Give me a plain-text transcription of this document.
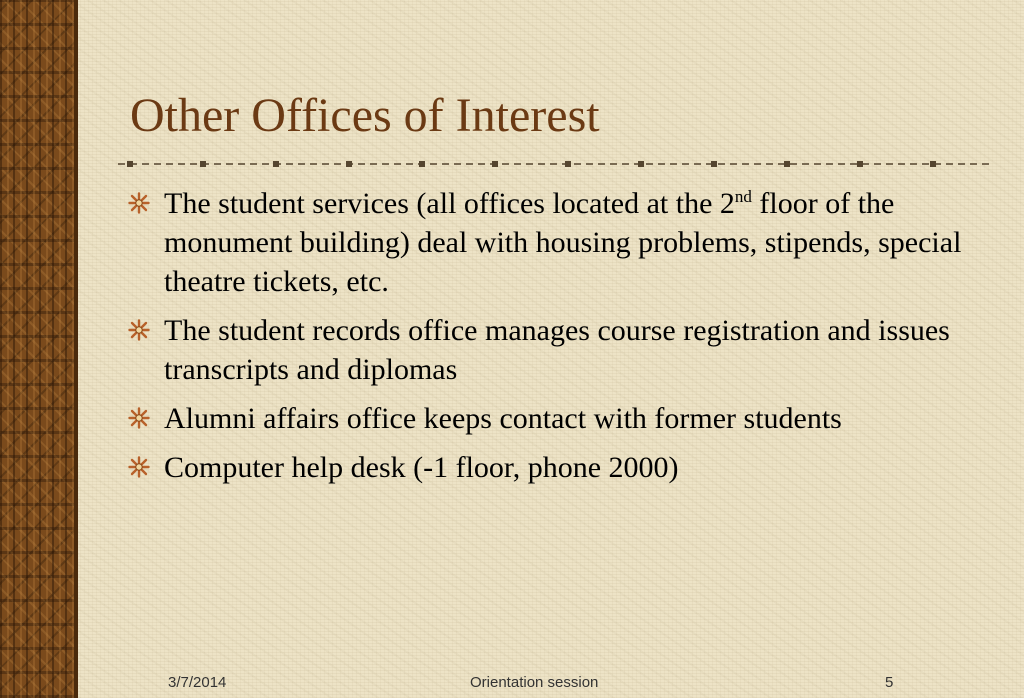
Other Offices of Interest
The student services (all offices located at the 2nd floor of the monument building) deal with housing problems, stipends, special theatre tickets, etc.
The student records office manages course registration and issues transcripts and diplomas
Alumni affairs office keeps contact with former students
Computer help desk (-1 floor, phone 2000)
3/7/2014	Orientation session	5
